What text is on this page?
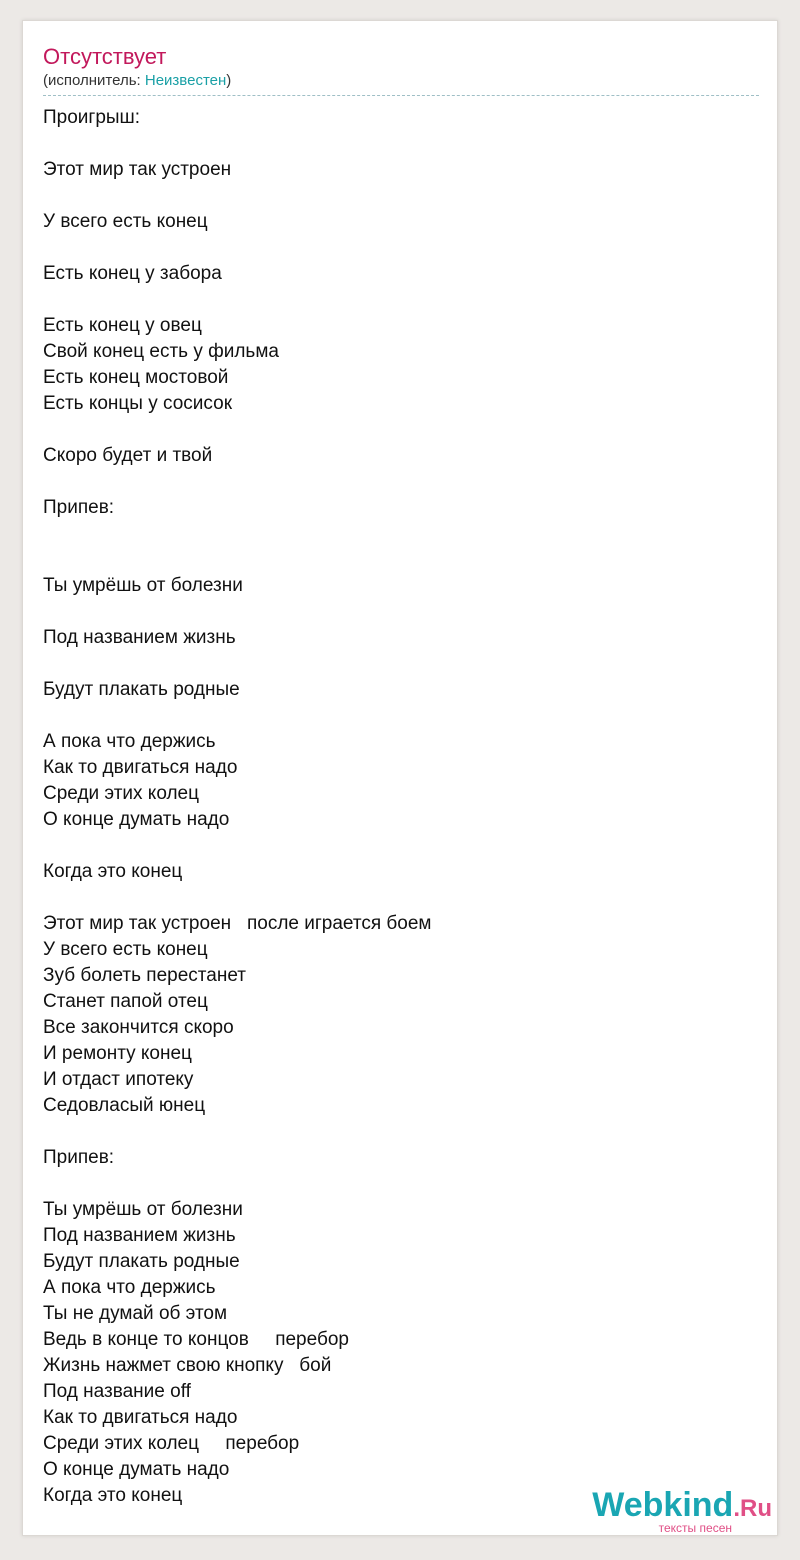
Отсутствует
(исполнитель: Неизвестен)
Проигрыш:
Этот мир так устроен
У всего есть конец
Есть конец у забора
Есть конец у овец
Свой конец есть у фильма
Есть конец мостовой
Есть концы у сосисок
Скоро будет и твой
Припев:
Ты умрёшь от болезни
Под названием жизнь
Будут плакать родные
А пока что держись
Как то двигаться надо
Среди этих колец
О конце думать надо
Когда это конец
Этот мир так устроен   после играется боем
У всего есть конец
Зуб болеть перестанет
Станет папой отец
Все закончится скоро
И ремонту конец
И отдаст ипотеку
Седовласый юнец
Припев:
Ты умрёшь от болезни
Под названием жизнь
Будут плакать родные
А пока что держись
Ты не думай об этом
Ведь в конце то концов     перебор
Жизнь нажмет свою кнопку   бой
Под название off
Как то двигаться надо
Среди этих колец     перебор
О конце думать надо
Когда это конец	Webkind.Ru
тексты песен
